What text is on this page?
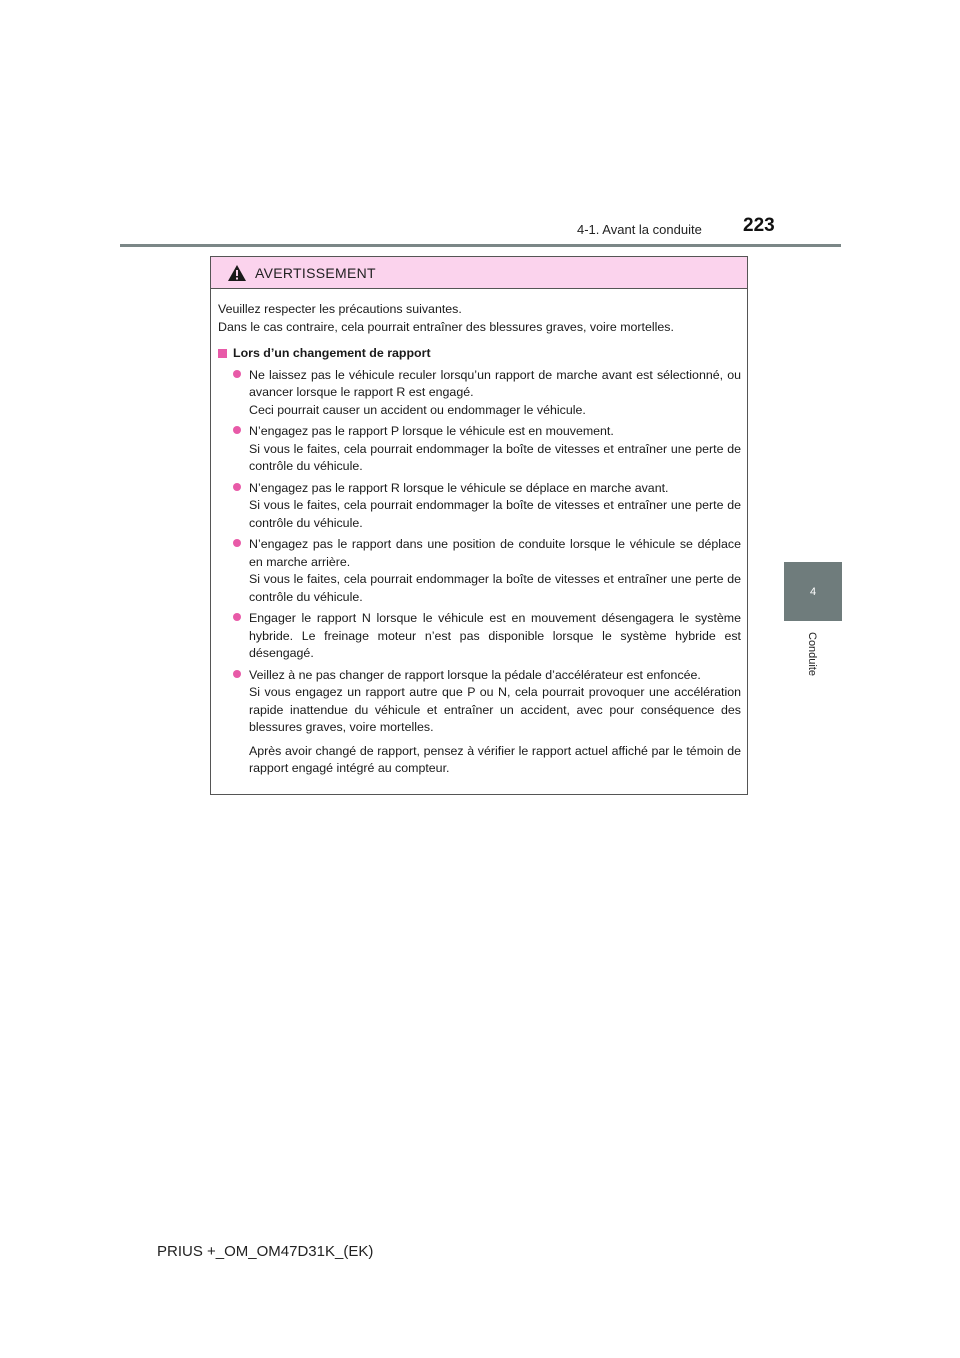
4-1. Avant la conduite 223
4
Conduite
AVERTISSEMENT

Veuillez respecter les précautions suivantes.

Dans le cas contraire, cela pourrait entraîner des blessures graves, voire mortelles.

Lors d’un changement de rapport

Ne laissez pas le véhicule reculer lorsqu’un rapport de marche avant est sélectionné, ou avancer lorsque le rapport R est engagé.

Ceci pourrait causer un accident ou endommager le véhicule.

N’engagez pas le rapport P lorsque le véhicule est en mouvement.

Si vous le faites, cela pourrait endommager la boîte de vitesses et entraîner une perte de contrôle du véhicule.

N’engagez pas le rapport R lorsque le véhicule se déplace en marche avant.

Si vous le faites, cela pourrait endommager la boîte de vitesses et entraîner une perte de contrôle du véhicule.

N’engagez pas le rapport dans une position de conduite lorsque le véhicule se déplace en marche arrière.

Si vous le faites, cela pourrait endommager la boîte de vitesses et entraîner une perte de contrôle du véhicule.

Engager le rapport N lorsque le véhicule est en mouvement désengagera le système hybride. Le freinage moteur n’est pas disponible lorsque le système hybride est désengagé.

Veillez à ne pas changer de rapport lorsque la pédale d’accélérateur est enfoncée.

Si vous engagez un rapport autre que P ou N, cela pourrait provoquer une accélération rapide inattendue du véhicule et entraîner un accident, avec pour conséquence des blessures graves, voire mortelles.

Après avoir changé de rapport, pensez à vérifier le rapport actuel affiché par le témoin de rapport engagé intégré au compteur.

PRIUS +_OM_OM47D31K_(EK)
